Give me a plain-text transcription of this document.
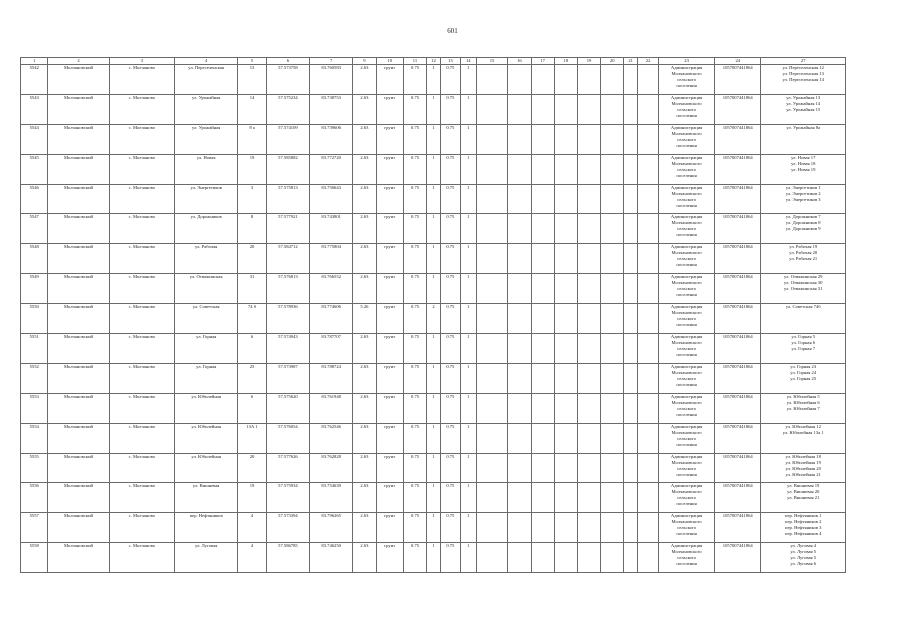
601
1	2	3	4	5	6	7	9	10	11	12	13	14	15	16	17	18	19	20	21	22	23	24	27
5542	Молчановский	с. Молчаново	ул. Переселенская	13	57.573758	83.760583	2.63	грунт	0.75	1	0.75	1									Администрация
Молчановского
сельского
поселения	1057007441864	ул. Переселенская 12
ул. Переселенская 13
ул. Переселенская 14

5543	Молчановский	с. Молчаново	ул. Урожайная	14	57.575234	83.738753	2.63	грунт	0.75	1	0.75	1									Администрация
Молчановского
сельского
поселения	1057007441864	ул. Урожайная 13
ул. Урожайная 14
ул. Урожайная 15

5544	Молчановский	с. Молчаново	ул. Урожайная	8 а	57.574109	83.739606	2.63	грунт	0.75	1	0.75	1									Администрация
Молчановского
сельского
поселения	1057007441864	ул. Урожайная 8а

5545	Молчановский	с. Молчаново	ул. Новая	19	57.585882	83.772720	2.63	грунт	0.75	1	0.75	1									Администрация
Молчановского
сельского
поселения	1057007441864	ул. Новая 17
ул. Новая 18
ул. Новая 19

5546	Молчановский	с. Молчаново	ул. Энергетиков	3	57.575813	83.750643	2.63	грунт	0.75	1	0.75	1									Администрация
Молчановского
сельского
поселения	1057007441864	ул. Энергетиков 1
ул. Энергетиков 2
ул. Энергетиков 3

5547	Молчановский	с. Молчаново	ул. Дорожников	8	57.577921	83.743801	2.63	грунт	0.75	1	0.75	1									Администрация
Молчановского
сельского
поселения	1057007441864	ул. Дорожников 7
ул. Дорожников 8
ул. Дорожников 9

5548	Молчановский	с. Молчаново	ул. Рабочая	20	57.584712	83.775804	2.63	грунт	0.75	1	0.75	1									Администрация
Молчановского
сельского
поселения	1057007441864	ул. Рабочая 19
ул. Рабочая 20
ул. Рабочая 21

5549	Молчановский	с. Молчаново	ул. Отважинская	31	57.576813	83.766552	2.63	грунт	0.75	1	0.75	1									Администрация
Молчановского
сельского
поселения	1057007441864	ул. Отважинская 29
ул. Отважинская 30
ул. Отважинская 31

5550	Молчановский	с. Молчаново	ул. Советская	74 б	57.578936	83.774606	5.26	грунт	0.75	2	0.75	1									Администрация
Молчановского
сельского
поселения	1057007441864	ул. Советская 74б

5551	Молчановский	с. Молчаново	ул. Горная	6	57.574943	83.787707	2.63	грунт	0.75	1	0.75	1									Администрация
Молчановского
сельского
поселения	1057007441864	ул. Горная 5
ул. Горная 6
ул. Горная 7

5552	Молчановский	с. Молчаново	ул. Горная	25	57.573987	83.788724	2.63	грунт	0.75	1	0.75	1									Администрация
Молчановского
сельского
поселения	1057007441864	ул. Горная 23
ул. Горная 24
ул. Горная 25

5553	Молчановский	с. Молчаново	ул. Юбилейная	6	57.575620	83.761948	2.63	грунт	0.75	1	0.75	1									Администрация
Молчановского
сельского
поселения	1057007441864	ул. Юбилейная 5
ул. Юбилейная 6
ул. Юбилейная 7

5554	Молчановский	с. Молчаново	ул. Юбилейная	13А 1	57.576054	83.762546	2.63	грунт	0.75	1	0.75	1									Администрация
Молчановского
сельского
поселения	1057007441864	ул. Юбилейная 12
ул. Юбилейная 13а 1

5555	Молчановский	с. Молчаново	ул. Юбилейная	20	57.577626	83.762828	2.63	грунт	0.75	1	0.75	1									Администрация
Молчановского
сельского
поселения	1057007441864	ул. Юбилейная 18
ул. Юбилейная 19
ул. Юбилейная 20
ул. Юбилейная 21

5556	Молчановский	с. Молчаново	ул. Вишневая	19	57.575934	83.754639	2.63	грунт	0.75	1	0.75	1									Администрация
Молчановского
сельского
поселения	1057007441864	ул. Вишневая 19
ул. Вишневая 20
ул. Вишневая 21

5557	Молчановский	с. Молчаново	пер. Нефтяников	4	57.573394	83.796265	2.63	грунт	0.75	1	0.75	1									Администрация
Молчановского
сельского
поселения	1057007441864	пер. Нефтяников 1
пер. Нефтяников 2
пер. Нефтяников 3
пер. Нефтяников 4

5558	Молчановский	с. Молчаново	ул. Луговая	4	57.586785	83.746250	2.63	грунт	0.75	1	0.75	1									Администрация
Молчановского
сельского
поселения	1057007441864	ул. Луговая 4
ул. Луговая 5
ул. Луговая 5
ул. Луговая 6
